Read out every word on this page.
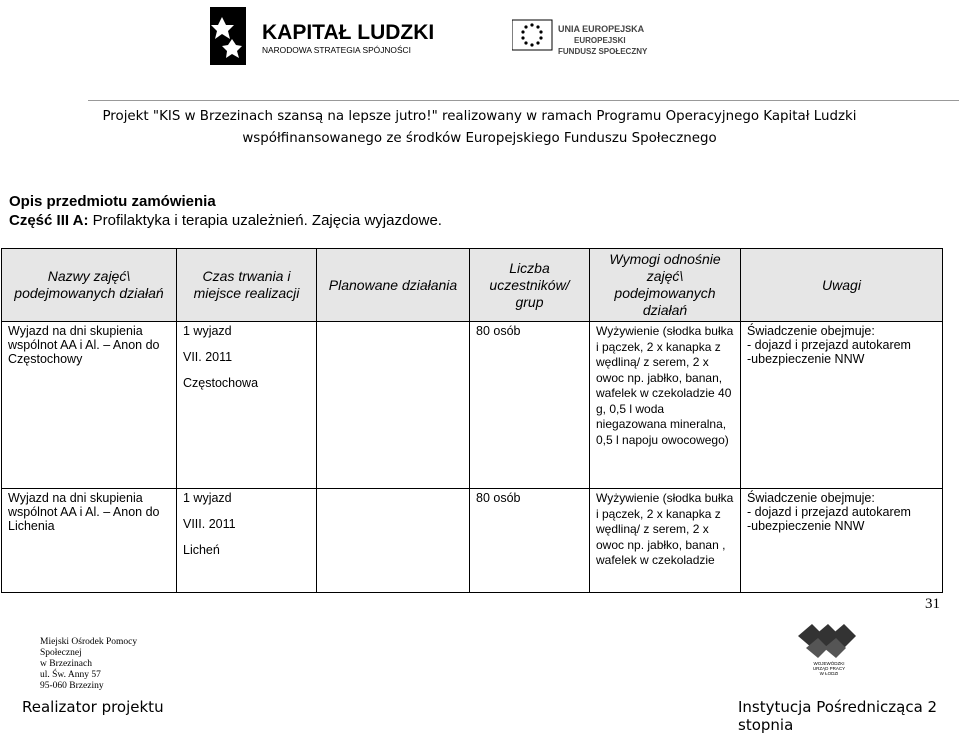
KAPITAŁ LUDZKI
NARODOWA STRATEGIA SPÓJNOŚCI
UNIA EUROPEJSKA
EUROPEJSKI
FUNDUSZ SPOŁECZNY
Projekt "KIS w Brzezinach szansą na lepsze jutro!" realizowany w ramach Programu Operacyjnego Kapitał Ludzki
współfinansowanego ze środków Europejskiego Funduszu Społecznego
Opis przedmiotu zamówienia
Część III A: Profilaktyka i terapia uzależnień. Zajęcia wyjazdowe.
Nazwy zajęć\ podejmowanych działań	Czas trwania i miejsce realizacji	Planowane działania	Liczba uczestników/ grup	Wymogi odnośnie zajęć\ podejmowanych działań	Uwagi
Wyjazd na dni skupienia wspólnot AA i Al. – Anon do Częstochowy	1 wyjazd
VII. 2011
Częstochowa		80 osób	Wyżywienie (słodka bułka i pączek, 2 x kanapka z wędliną/ z serem, 2 x owoc np. jabłko, banan, wafelek w czekoladzie 40 g, 0,5 l woda niegazowana mineralna, 0,5 l napoju owocowego)	Świadczenie obejmuje:
- dojazd i przejazd autokarem
-ubezpieczenie NNW

Wyjazd na dni skupienia wspólnot AA i Al. – Anon do Lichenia	1 wyjazd
VIII. 2011
Licheń		80 osób	Wyżywienie (słodka bułka i pączek, 2 x kanapka z wędliną/ z serem, 2 x owoc np. jabłko, banan , wafelek w czekoladzie	Świadczenie obejmuje:
- dojazd i przejazd autokarem
-ubezpieczenie NNW
31
Miejski Ośrodek Pomocy
Społecznej
w Brzezinach
ul. Św. Anny 57
95-060 Brzeziny
WOJEWÓDZKI
URZĄD PRACY
W ŁODZI
Realizator projektu	Instytucja Pośrednicząca 2 stopnia
